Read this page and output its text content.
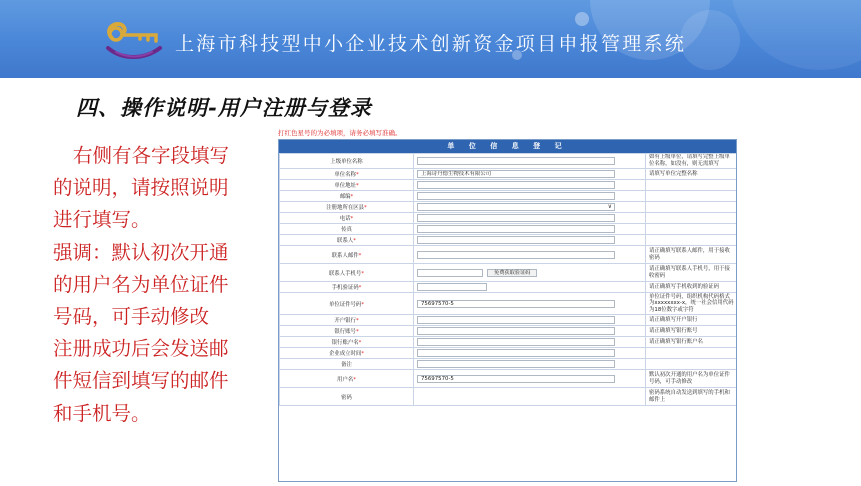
上海市科技型中小企业技术创新资金项目申报管理系统
四、操作说明-用户注册与登录
右侧有各字段填写
的说明，请按照说明
进行填写。
强调：默认初次开通
的用户名为单位证件
号码，可手动修改
注册成功后会发送邮
件短信到填写的邮件
和手机号。
打红色星号的为必填项，请务必填写准确。
单 位 信 息 登 记
上级单位名称		如有上级单位，请填写完整上级单位名称，如没有，则无需填写
单位名称*	上海诗丹德生物技术有限公司	请填写单位完整名称
单位地址*		
邮编*		
注册地所在区县*	∨	

电话*		
传真		
联系人*		
联系人邮件*		请正确填写联系人邮件，用于接收密码
联系人手机号*	免费获取验证码	请正确填写联系人手机号，用于接收密码
手机验证码*		请正确填写手机收到的验证码
单位证件号码*	75697570-5	单位证件号码，组织机构代码格式为xxxxxxxx-x，统一社会信用代码为18位数字或字符
开户银行*		请正确填写开户银行
银行账号*		请正确填写银行账号
银行账户名*		请正确填写银行账户名
企业成立时间*		
备注		
用户名*	75697570-5	默认初次开通的用户名为单位证件号码，可手动修改
密码		密码系统自动发送到填写的手机和邮件上
